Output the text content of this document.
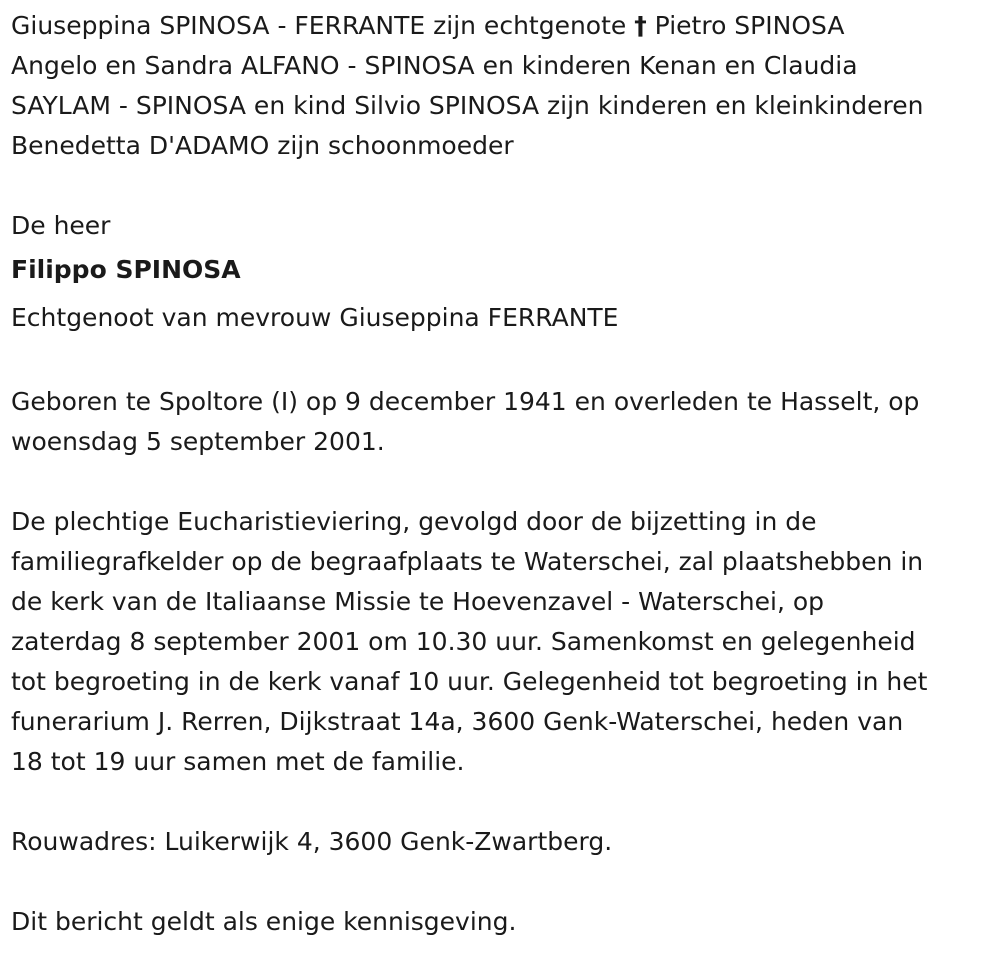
Giuseppina SPINOSA - FERRANTE zijn echtgenote † Pietro SPINOSA
Angelo en Sandra ALFANO - SPINOSA en kinderen Kenan en Claudia
SAYLAM - SPINOSA en kind Silvio SPINOSA zijn kinderen en kleinkinderen
Benedetta D'ADAMO zijn schoonmoeder
De heer
Filippo SPINOSA
Echtgenoot van mevrouw Giuseppina FERRANTE
Geboren te Spoltore (I) op 9 december 1941 en overleden te Hasselt, op
woensdag 5 september 2001.
De plechtige Eucharistieviering, gevolgd door de bijzetting in de
familiegrafkelder op de begraafplaats te Waterschei, zal plaatshebben in
de kerk van de Italiaanse Missie te Hoevenzavel - Waterschei, op
zaterdag 8 september 2001 om 10.30 uur. Samenkomst en gelegenheid
tot begroeting in de kerk vanaf 10 uur. Gelegenheid tot begroeting in het
funerarium J. Rerren, Dijkstraat 14a, 3600 Genk-Waterschei, heden van
18 tot 19 uur samen met de familie.
Rouwadres: Luikerwijk 4, 3600 Genk-Zwartberg.
Dit bericht geldt als enige kennisgeving.
